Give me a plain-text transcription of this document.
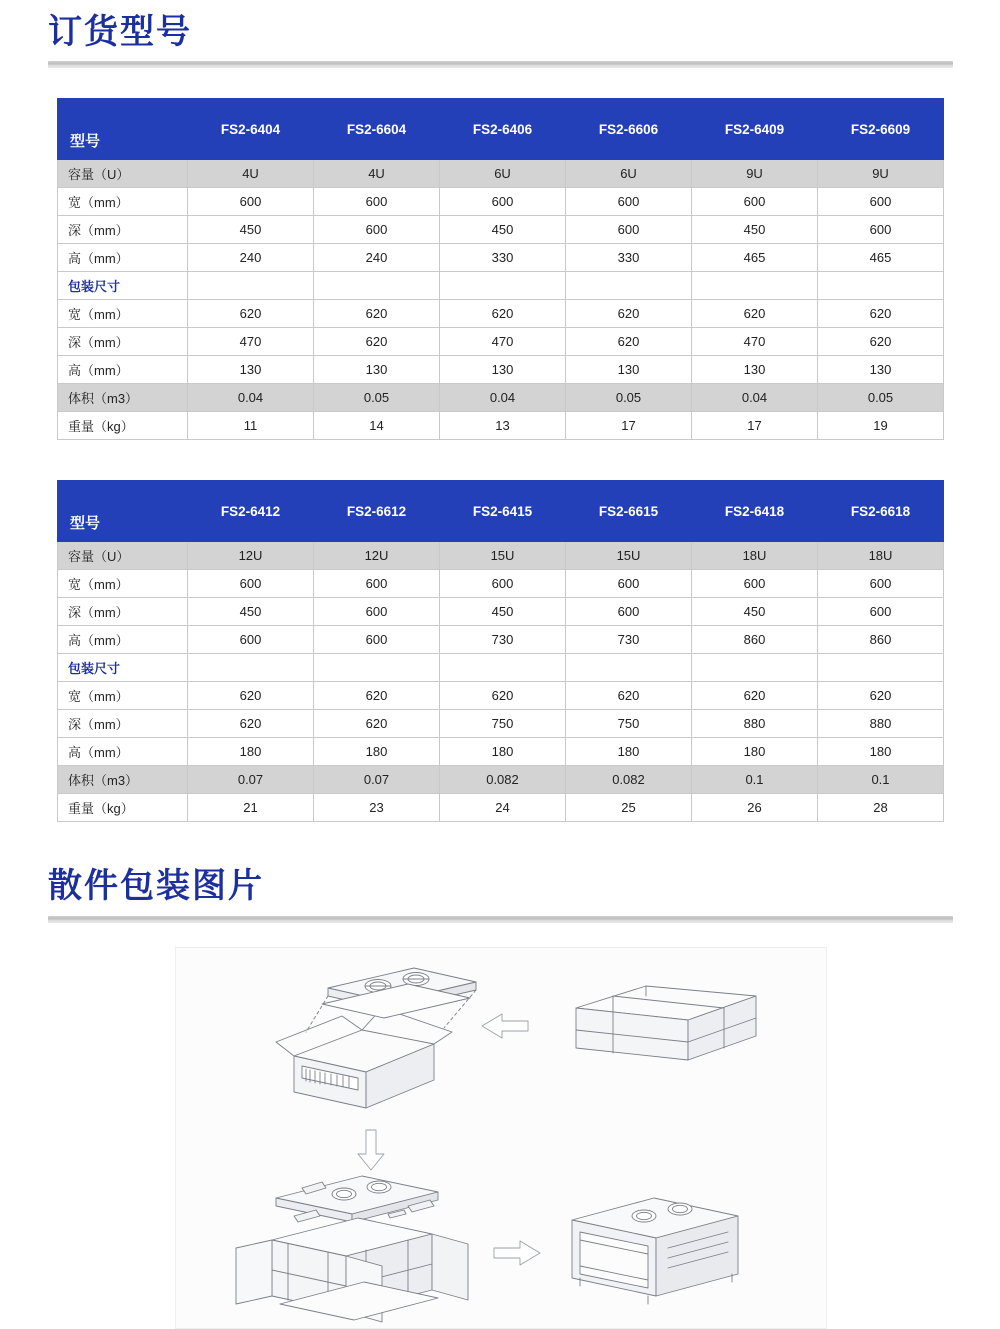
订货型号
型号	FS2-6404	FS2-6604	FS2-6406	FS2-6606	FS2-6409	FS2-6609
容量（U）	4U	4U	6U	6U	9U	9U
宽（mm）	600	600	600	600	600	600
深（mm）	450	600	450	600	450	600
高（mm）	240	240	330	330	465	465
包装尺寸						
宽（mm）	620	620	620	620	620	620
深（mm）	470	620	470	620	470	620
高（mm）	130	130	130	130	130	130
体积（m3）	0.04	0.05	0.04	0.05	0.04	0.05
重量（kg）	11	14	13	17	17	19
型号	FS2-6412	FS2-6612	FS2-6415	FS2-6615	FS2-6418	FS2-6618
容量（U）	12U	12U	15U	15U	18U	18U
宽（mm）	600	600	600	600	600	600
深（mm）	450	600	450	600	450	600
高（mm）	600	600	730	730	860	860
包装尺寸						
宽（mm）	620	620	620	620	620	620
深（mm）	620	620	750	750	880	880
高（mm）	180	180	180	180	180	180
体积（m3）	0.07	0.07	0.082	0.082	0.1	0.1
重量（kg）	21	23	24	25	26	28
散件包装图片
